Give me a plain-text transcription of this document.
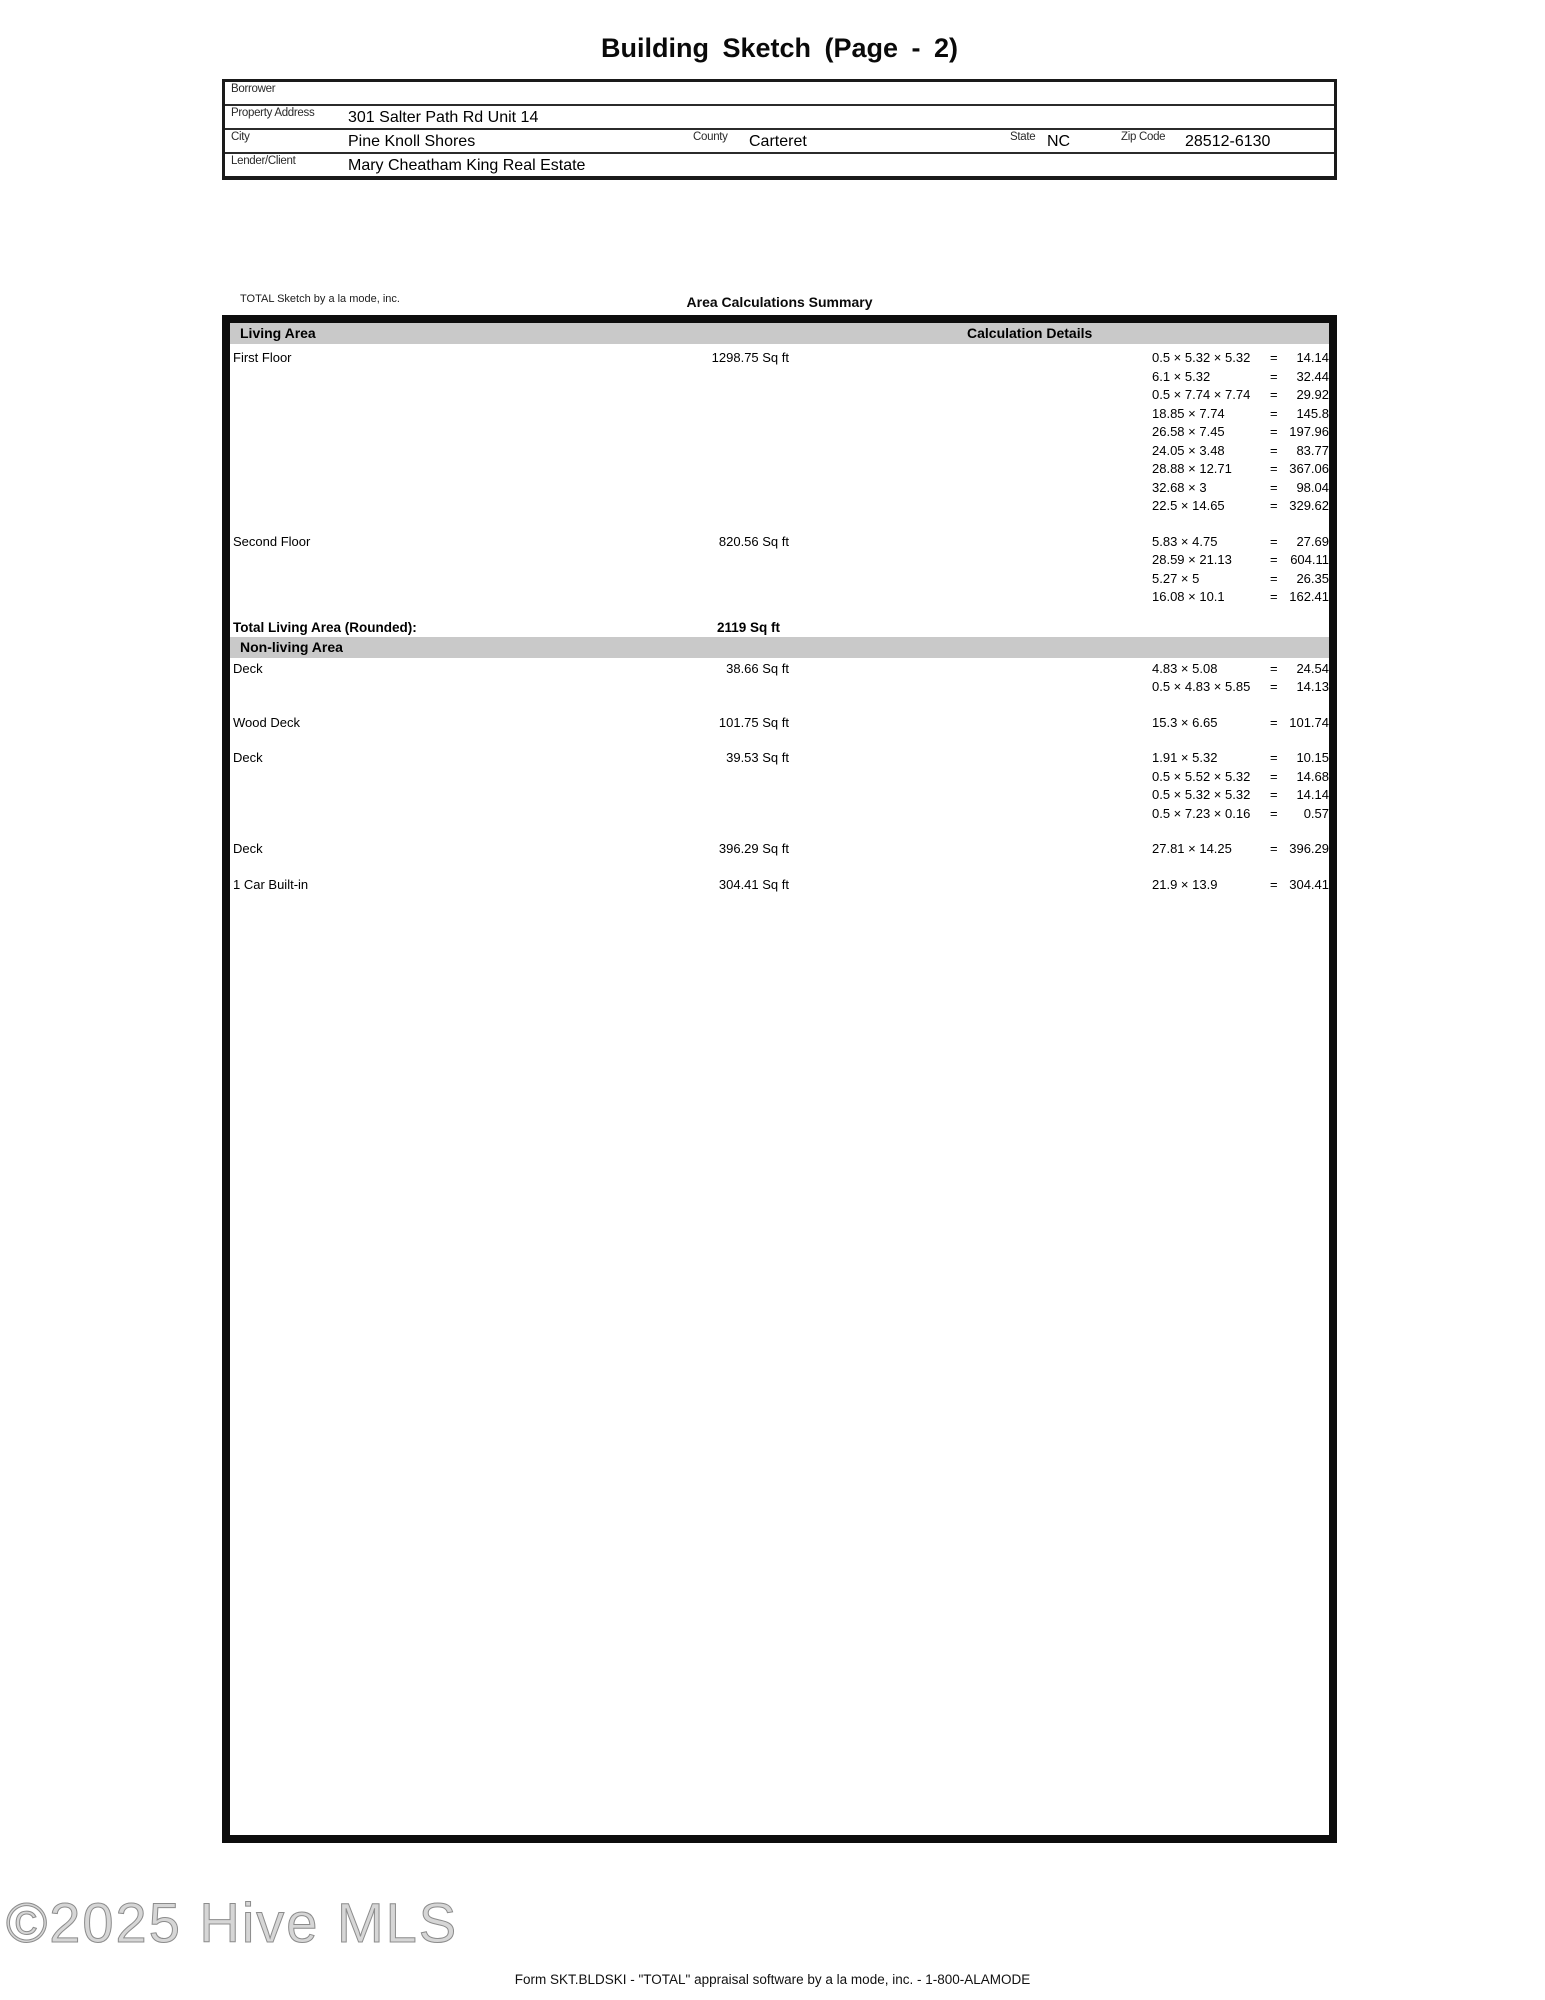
Building Sketch (Page - 2)
Borrower
Property Address 301 Salter Path Rd Unit 14
City	Pine Knoll Shores	County Carteret	State NC	Zip Code 28512-6130
Lender/Client	Mary Cheatham King Real Estate
TOTAL Sketch by a la mode, inc.	Area Calculations Summary
Living Area	Calculation Details
First Floor	1298.75 Sq ft	0.5 × 5.32 × 5.32 = 14.14
6.1 × 5.32	= 32.44
0.5 × 7.74 × 7.74 = 29.92
18.85 × 7.74	= 145.8
26.58 × 7.45	= 197.96
24.05 × 3.48	= 83.77
28.88 × 12.71	= 367.06
32.68 × 3	= 98.04
22.5 × 14.65	= 329.62
Second Floor	820.56 Sq ft	5.83 × 4.75	= 27.69
28.59 × 21.13	= 604.11
5.27 × 5	= 26.35
16.08 × 10.1	= 162.41
Total Living Area (Rounded):	2119 Sq ft
Non-living Area
Deck	38.66 Sq ft	4.83 × 5.08	= 24.54
0.5 × 4.83 × 5.85 = 14.13
Wood Deck	101.75 Sq ft	15.3 × 6.65	= 101.74
Deck	39.53 Sq ft	1.91 × 5.32	= 10.15
0.5 × 5.52 × 5.32 = 14.68
0.5 × 5.32 × 5.32 = 14.14
0.5 × 7.23 × 0.16 = 0.57
Deck	396.29 Sq ft	27.81 × 14.25	= 396.29
1 Car Built-in	304.41 Sq ft	21.9 × 13.9	= 304.41
©2025 Hive MLS
Form SKT.BLDSKI - "TOTAL" appraisal software by a la mode, inc. - 1-800-ALAMODE
